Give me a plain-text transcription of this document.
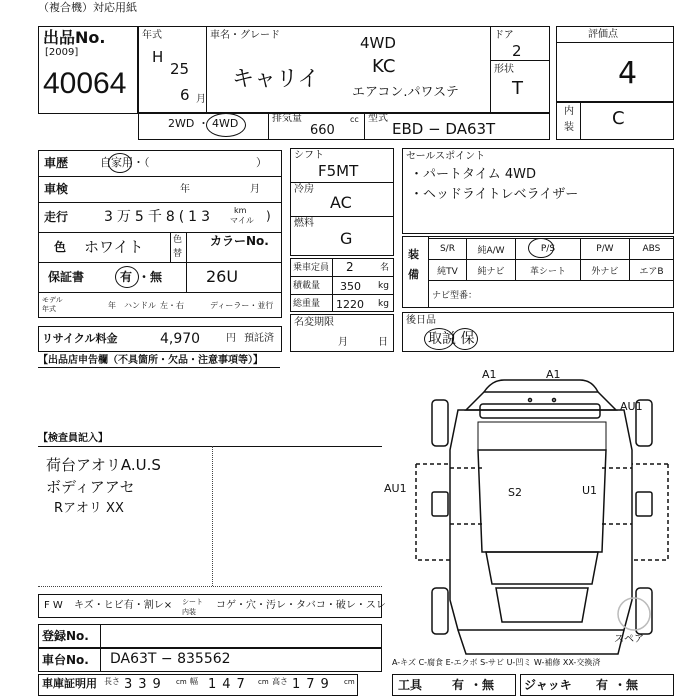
（複合機）対応用紙
出品No.
[2009]
40064
年式
H
25
6 月
車名・グレード	4WD
キャリイ
KC
エアコン.パワステ
ドア
2
形状
T
評価点
4
内
装 C
2WD ・ 4WD	排気量
660
cc 型式
EBD − DA63T
車歴	自家用・（	）
車検	年	月
走行	3万5千8(13	km
マイル )
色 ホワイト	色
替
カラーNo.
26U
保証書	有 ・無
モデル
年式	年 ハンドル 左・右	ディーラー・並行
リサイクル料金	4,970	円 預託済
シフト
F5MT
冷房
AC
燃料
G
乗車定員 2	名
積載量 350 kg
総重量 1220 kg
名変期限
月	日
セールスポイント
・パートタイム 4WD
・ヘッドライトレベライザー
装
備
S/R	純A/W	P/S	P/W	ABS
純TV	純ナビ	革シート	外ナビ	エアB
ナビ型番：
後日品
取説 保
【出品店申告欄（不具箇所・欠品・注意事項等）】
【検査員記入】
荷台アオリA.U.S
ボディアアセ
Rアオリ XX
A1	A1
AU1
AU1	S2	U1
スペア
F W キズ・ヒビ有・割レ× シート
内装
コゲ・穴・汚レ・タバコ・破レ・スレ
登録No.
車台No. DA63T − 835562	A-キズ C-腐食 E-エクボ S-サビ U-凹ミ W-補修 XX-交換済
車庫証明用 長さ 339 cm 幅 147 cm 高さ 179 cm	工具 有 ・無 ジャッキ 有 ・無
